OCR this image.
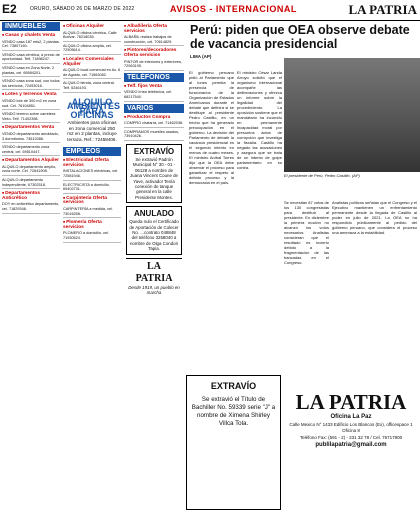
E2	ORURO, SÁBADO 26 DE MARZO DE 2022	AVISOS - INTERNACIONAL	LA PATRIA
INMUEBLES
■ Casas y chalets Venta
VENDO casa 187 mts2, 2 plantas. Cel. 73807160.
VENDO casa céntrica, a precio de oportunidad. Telf. 71898247.
VENDO casa en Zona Norte, 2 plantas, cel. 69584201.
VENDO casa zona sud, con todos los servicios, 72493016.
■ Lotes y terrenos Venta
VENDO lote de 300 m2 en zona sud. Cel. 76104851.
VENDO terreno sobre carretera Vinto. Telf. 71402398.
■ Departamentos Venta
VENDO departamento amoblado, 3 dormitorios. 73612086.
VENDO departamento zona central, cel. 69510447.
■ Departamentos Alquiler
ALQUILO departamento amplio, zona norte. Cel. 72641908.
ALQUILO departamento independiente, 67302518.
■ Departamentos Anticrético
DOY en anticrético departamento, cel. 71829346.
■ Oficinas Alquiler
ALQUILO oficina céntrica, Calle Bolívar. 76218035.
ALQUILO oficina amplia, cel. 72905614.
■ Locales Comerciales Alquiler
ALQUILO local comercial en Av. 6 de Agosto, cel. 71563082.
ALQUILO tienda, zona central. Telf. 5246193.
ALQUILO AMBIENTES PARA OFICINAS
Ambientes para oficinas en zona comercial 250 m2 en 2 plantas, incluye terraza. Ref.: 72458406.
EMPLEOS
■ Electricidad Oferta servicios
INSTALACIONES eléctricas, cel. 72581946.
ELECTRICISTA a domicilio, 69402731.
■ Carpintería Oferta servicios
CARPINTERÍA a medida, cel. 73016258.
■ Plomería Oferta servicios
PLOMERO a domicilio, cel. 71930524.
■ Albañilería Oferta servicios
ALBAÑIL realiza trabajos de construcción, cel. 70614829.
■ Pintores/decoradores Oferta servicios
PINTOR de interiores y exteriores, 72063195.
TELÉFONOS
■ Telf. fijos Venta
VENDO línea telefónica, cel. 68217540.
VARIOS
■ Productos Compra
COMPRO chatarra, cel. 71462038.
COMPRAMOS muebles usados, 73910426.
EXTRAVÍO
Se extravió Padrón Municipal N° 30 - 01 - 06128 a nombre de Juana Vincent Coune de Yave, activado! Tenía conexión de tanque general en la calle Presidente Montes.
ANULADO
Queda nulo el Certificado de Aportación de Colecer No. ...contrato 048848 del teléfono 3258040 a nombre de Olga Condori Tapia.
LA PATRIA
Desde 1919, un pueblo en marcha
Perú: piden que OEA observe debate de vacancia presidencial
LIMA (AP)
El gobierno peruano pidió al Parlamento que al lunes permita la presencia de funcionarios de la Organización de Estados Americanos durante el debate que definirá si se destituye al presidente Pedro Castillo, en un hecho que ha generado preocupación en el gobierno. La decisión del Parlamento de debatir la vacancia presidencial es el segundo intento en menos de cuatro meses. El ministro Aníbal Torres dijo que la OEA debe observar el proceso para garantizar el respeto al debido proceso y la democracia en el país.
El ministro César Landa Arroyo solicitó que el organismo internacional acompañe las deliberaciones y ofrezca un informe sobre la legalidad del procedimiento. La oposición sostiene que el mandatario ha incurrido en permanente incapacidad moral por presuntos actos de corrupción que investiga la fiscalía. Castillo ha negado las acusaciones y asegura que se trata de un intento de golpe parlamentario en su contra.
Se necesitan 87 votos de los 130 congresistas para destituir al presidente. En diciembre la primera moción no alcanzó los votos necesarios. Analistas consideran que el resultado es incierto debido a la fragmentación de las bancadas en el Congreso.
Analistas políticos señalan que el Congreso y el Ejecutivo mantienen un enfrentamiento permanente desde la llegada de Castillo al poder en julio de 2021. La OEA no ha respondido públicamente al pedido del gobierno peruano, que considera el proceso una amenaza a la estabilidad.
El presidente de Perú, Pedro Castillo. (AP)
EXTRAVÍO
Se extravió el Título de Bachiller No. 59339 serie "J" a nombre de Ximena Shirley Villca Tola.
LA PATRIA
Oficina La Paz
Calle Mexico N° 1433 Edificio Los Blancos (Ex), officespace 1 Oficina 8
Teléfono Fax: (591 - 2) - 231 32 78 / Cel. 76717800
publilapatria@gmail.com
